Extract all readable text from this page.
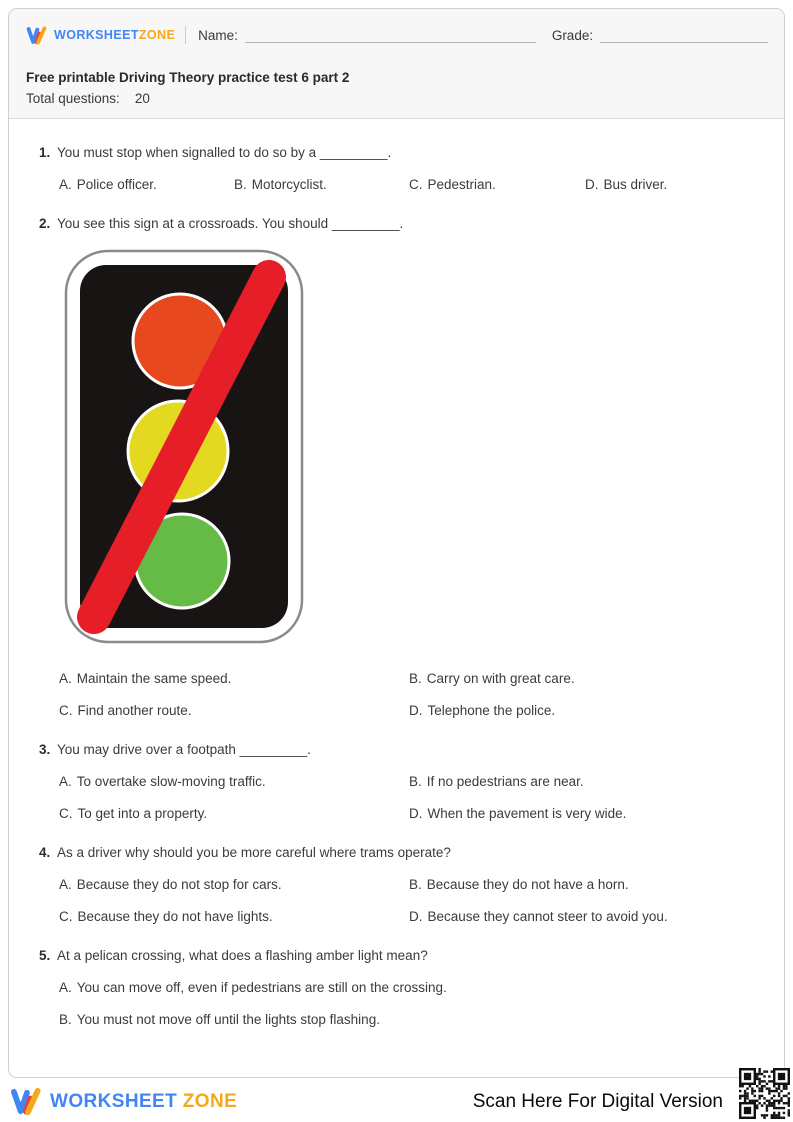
WORKSHEETZONE Name:	Grade:
Free printable Driving Theory practice test 6 part 2
Total questions: 20
1. You must stop when signalled to do so by a _________.
A. Police officer.	B. Motorcyclist.	C. Pedestrian.	D. Bus driver.
2. You see this sign at a crossroads. You should _________.
A. Maintain the same speed.	B. Carry on with great care.
C. Find another route.	D. Telephone the police.
3. You may drive over a footpath _________.
A. To overtake slow-moving traffic.	B. If no pedestrians are near.
C. To get into a property.	D. When the pavement is very wide.
4. As a driver why should you be more careful where trams operate?
A. Because they do not stop for cars.	B. Because they do not have a horn.
C. Because they do not have lights.	D. Because they cannot steer to avoid you.
5. At a pelican crossing, what does a flashing amber light mean?
A. You can move off, even if pedestrians are still on the crossing.
B. You must not move off until the lights stop flashing.
WORKSHEET ZONE	Scan Here For Digital Version
